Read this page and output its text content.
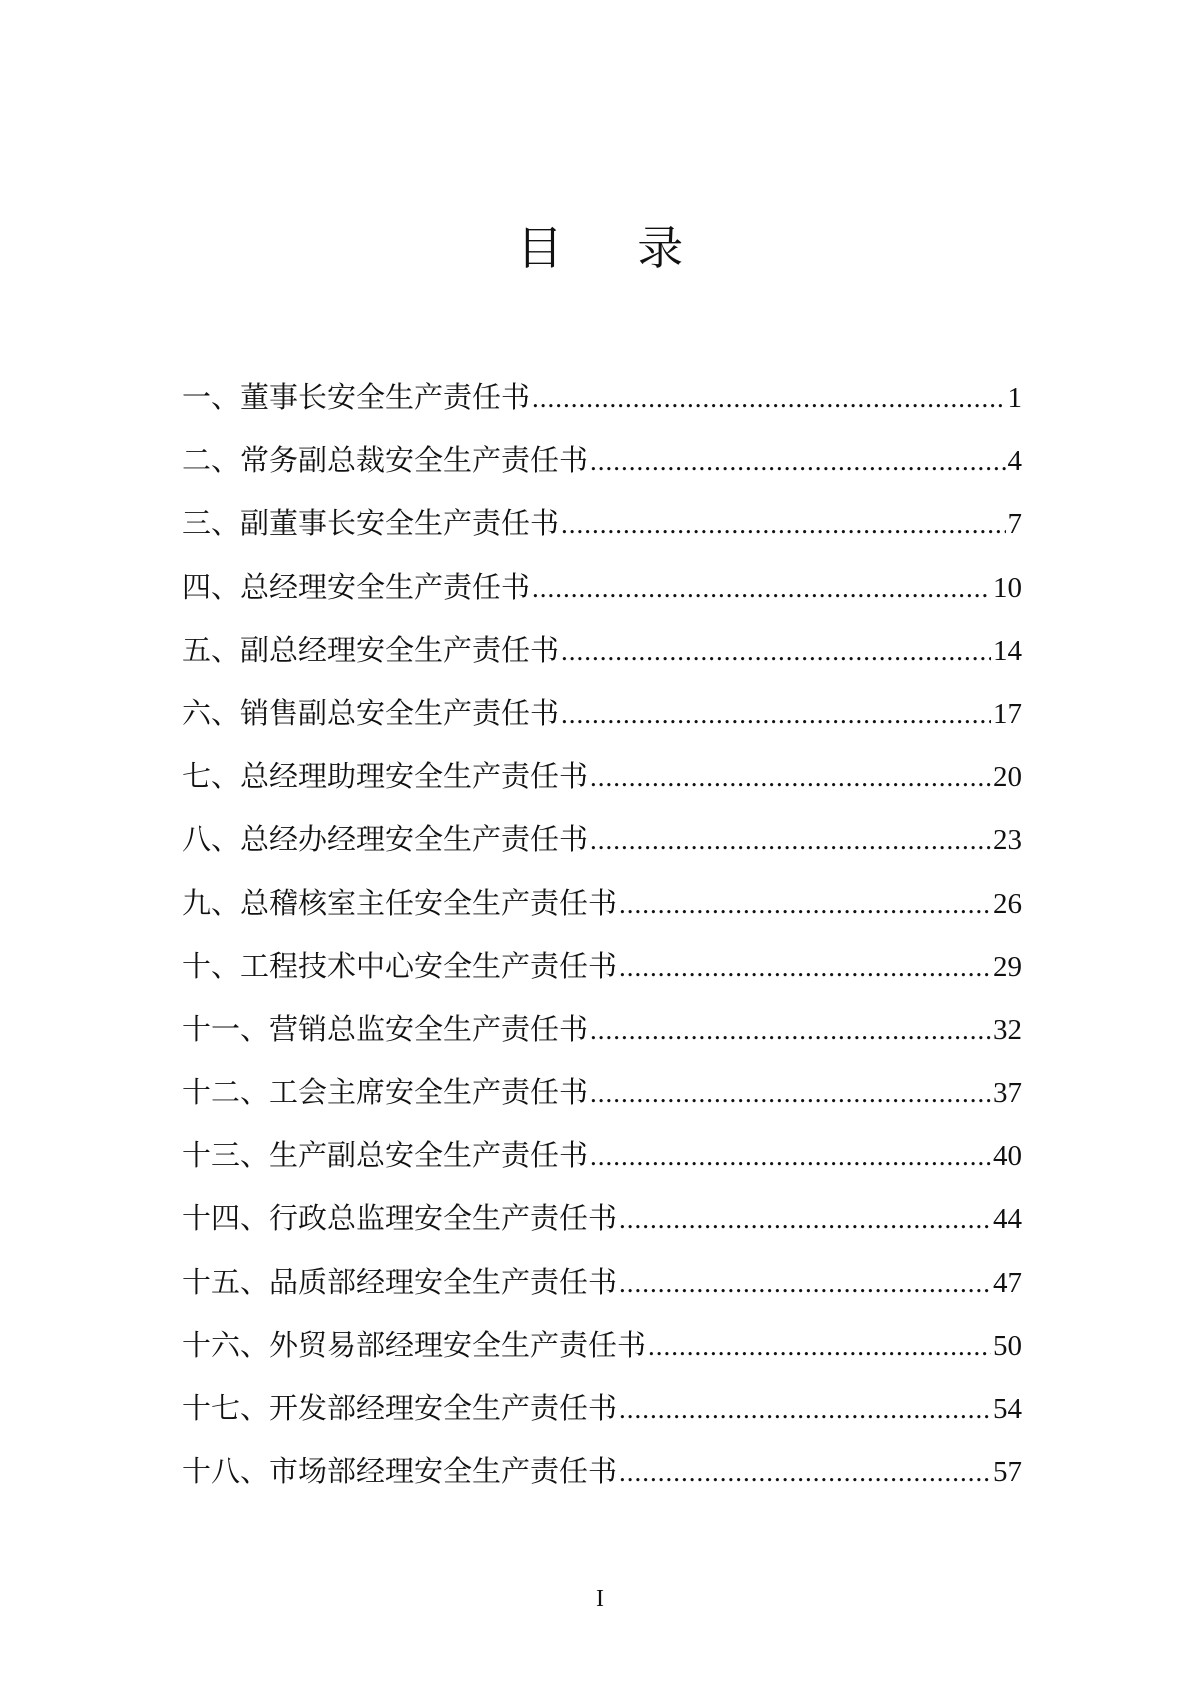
目 录
一、董事长安全生产责任书 .....	1
二、常务副总裁安全生产责任书 .....	4
三、副董事长安全生产责任书 .....	7
四、总经理安全生产责任书 .....	10
五、副总经理安全生产责任书 .....	14
六、销售副总安全生产责任书 .....	17
七、总经理助理安全生产责任书 .....	20
八、总经办经理安全生产责任书 .....	23
九、总稽核室主任安全生产责任书 .....	26
十、工程技术中心安全生产责任书 .....	29
十一、营销总监安全生产责任书 .....	32
十二、工会主席安全生产责任书 .....	37
十三、生产副总安全生产责任书 .....	40
十四、行政总监理安全生产责任书 .....	44
十五、品质部经理安全生产责任书 .....	47
十六、外贸易部经理安全生产责任书 .....	50
十七、开发部经理安全生产责任书 .....	54
十八、市场部经理安全生产责任书 .....	57
I
